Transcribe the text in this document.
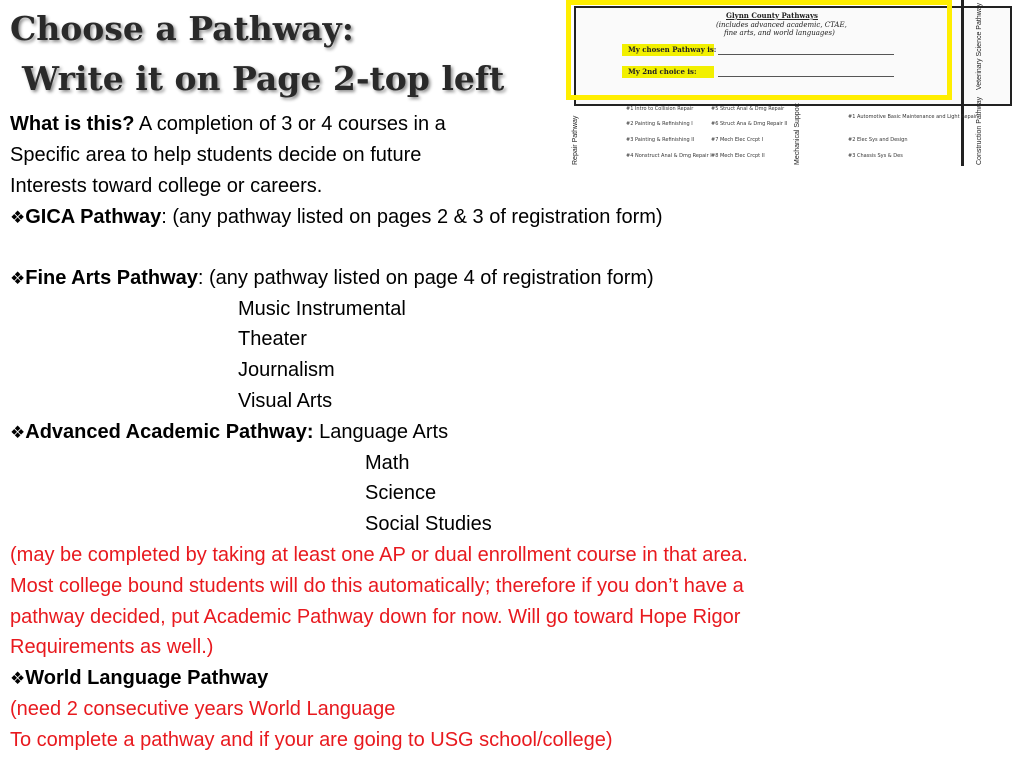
Choose a Pathway:
Write it on Page 2-top left
Glynn County Pathways
(includes advanced academic, CTAE,
fine arts, and world languages)
My chosen Pathway is:
My 2nd choice is:	Veterinary Science Pathway
Construction Pathway
Repair Pathway	Mechanical Support
#1 Intro to Collision Repair
#2 Painting & Refinishing I
#3 Painting & Refinishing II
#4 Nonstruct Anal & Dmg Repair I
#5 Struct Anal & Dmg Repair
#6 Struct Ana & Dmg Repair II
#7 Mech Elec Crcpt I
#8 Mech Elec Crcpt II
#1 Automotive Basic Maintenance and Light Repair
#2 Elec Sys and Design
#3 Chassis Sys & Des
What is this? A completion of 3 or 4 courses in a
Specific area to help students decide on future
Interests toward college or careers.
❖GICA Pathway: (any pathway listed on pages 2 & 3 of registration form)
❖Fine Arts Pathway: (any pathway listed on page 4 of registration form)
Music Instrumental
Theater
Journalism
Visual Arts
❖Advanced Academic Pathway: Language Arts
Math
Science
Social Studies
(may be completed by taking at least one AP or dual enrollment course in that area.
Most college bound students will do this automatically; therefore if you don’t have a
pathway decided, put Academic Pathway down for now. Will go toward Hope Rigor
Requirements as well.)
❖World Language Pathway
(need 2 consecutive years World Language
To complete a pathway and if your are going to USG school/college)
